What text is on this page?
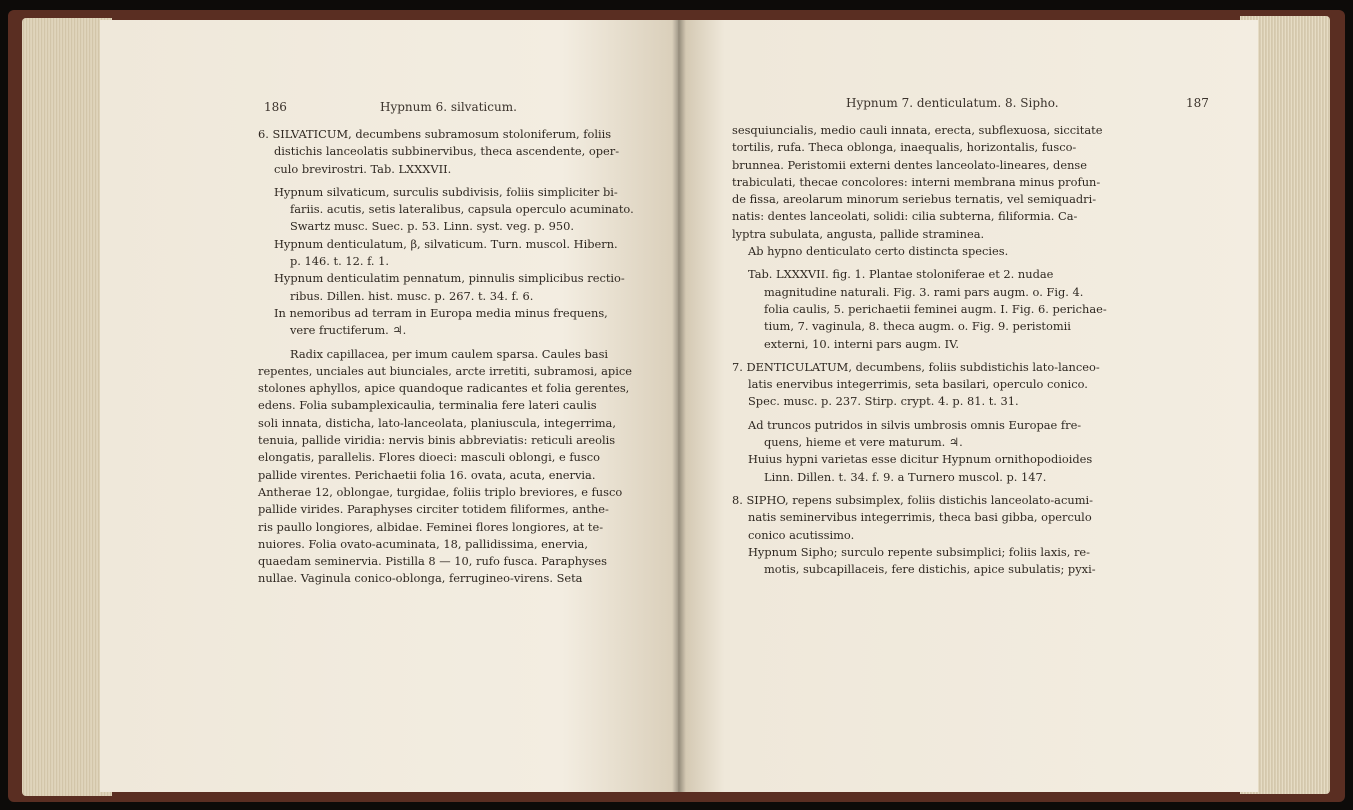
186	Hypnum 6. silvaticum.
6. SILVATICUM, decumbens subramosum stoloniferum, foliis
distichis lanceolatis subbinervibus, theca ascendente, oper-
culo brevirostri. Tab. LXXXVII.
Hypnum silvaticum, surculis subdivisis, foliis simpliciter bi-
fariis. acutis, setis lateralibus, capsula operculo acuminato.
Swartz musc. Suec. p. 53. Linn. syst. veg. p. 950.
Hypnum denticulatum, β, silvaticum. Turn. muscol. Hibern.
p. 146. t. 12. f. 1.
Hypnum denticulatim pennatum, pinnulis simplicibus rectio-
ribus. Dillen. hist. musc. p. 267. t. 34. f. 6.
In nemoribus ad terram in Europa media minus frequens,
vere fructiferum. ♃.
Radix capillacea, per imum caulem sparsa. Caules basi
repentes, unciales aut biunciales, arcte irretiti, subramosi, apice
stolones aphyllos, apice quandoque radicantes et folia gerentes,
edens. Folia subamplexicaulia, terminalia fere lateri caulis
soli innata, disticha, lato-lanceolata, planiuscula, integerrima,
tenuia, pallide viridia: nervis binis abbreviatis: reticuli areolis
elongatis, parallelis. Flores dioeci: masculi oblongi, e fusco
pallide virentes. Perichaetii folia 16. ovata, acuta, enervia.
Antherae 12, oblongae, turgidae, foliis triplo breviores, e fusco
pallide virides. Paraphyses circiter totidem filiformes, anthe-
ris paullo longiores, albidae. Feminei flores longiores, at te-
nuiores. Folia ovato-acuminata, 18, pallidissima, enervia,
quaedam seminervia. Pistilla 8 — 10, rufo fusca. Paraphyses
nullae. Vaginula conico-oblonga, ferrugineo-virens. Seta
Hypnum 7. denticulatum. 8. Sipho.	187
sesquiuncialis, medio cauli innata, erecta, subflexuosa, siccitate
tortilis, rufa. Theca oblonga, inaequalis, horizontalis, fusco-
brunnea. Peristomii externi dentes lanceolato-lineares, dense
trabiculati, thecae concolores: interni membrana minus profun-
de fissa, areolarum minorum seriebus ternatis, vel semiquadri-
natis: dentes lanceolati, solidi: cilia subterna, filiformia. Ca-
lyptra subulata, angusta, pallide straminea.
Ab hypno denticulato certo distincta species.
Tab. LXXXVII. fig. 1. Plantae stoloniferae et 2. nudae
magnitudine naturali. Fig. 3. rami pars augm. o. Fig. 4.
folia caulis, 5. perichaetii feminei augm. I. Fig. 6. perichae-
tium, 7. vaginula, 8. theca augm. o. Fig. 9. peristomii
externi, 10. interni pars augm. IV.
7. DENTICULATUM, decumbens, foliis subdistichis lato-lanceo-
latis enervibus integerrimis, seta basilari, operculo conico.
Spec. musc. p. 237. Stirp. crypt. 4. p. 81. t. 31.
Ad truncos putridos in silvis umbrosis omnis Europae fre-
quens, hieme et vere maturum. ♃.
Huius hypni varietas esse dicitur Hypnum ornithopodioides
Linn. Dillen. t. 34. f. 9. a Turnero muscol. p. 147.
8. SIPHO, repens subsimplex, foliis distichis lanceolato-acumi-
natis seminervibus integerrimis, theca basi gibba, operculo
conico acutissimo.
Hypnum Sipho; surculo repente subsimplici; foliis laxis, re-
motis, subcapillaceis, fere distichis, apice subulatis; pyxi-
